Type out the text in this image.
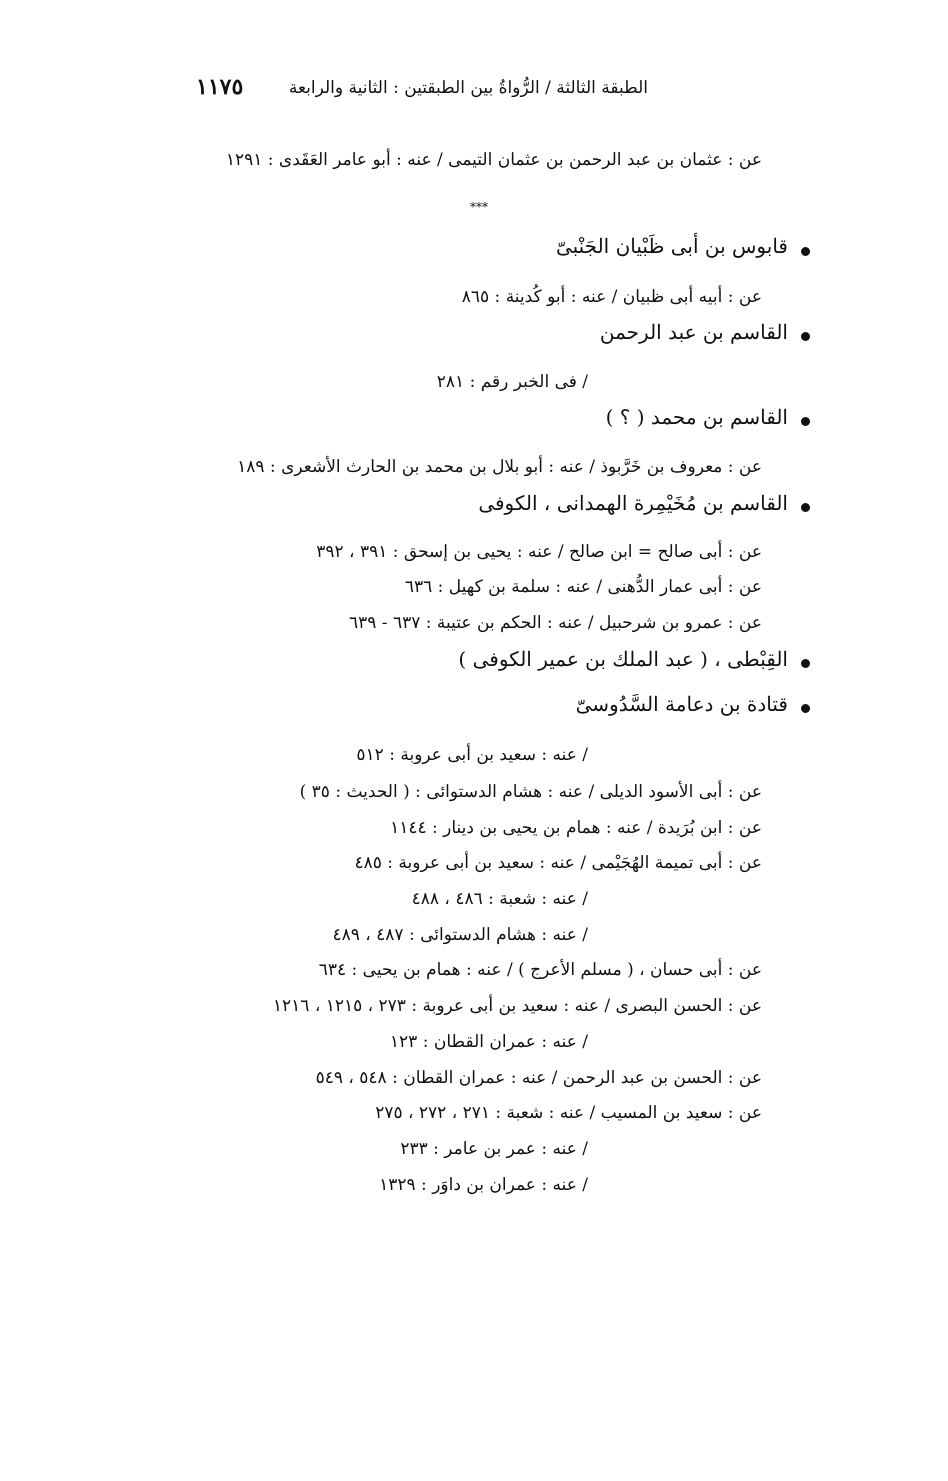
الطبقة الثالثة / الرُّواةُ بين الطبقتين : الثانية والرابعة
١١٧٥
عن : عثمان بن عبد الرحمن بن عثمان التيمى / عنه : أبو عامر العَقَدى : ١٢٩١
***
قابوس بن أبى ظَبْيان الجَنْبىّ
عن : أبيه أبى ظبيان / عنه : أبو كُدينة : ٨٦٥
القاسم بن عبد الرحمن
/ فى الخبر رقم : ٢٨١
القاسم بن محمد ( ؟ )
عن : معروف بن خَرَّبوذ / عنه : أبو بلال بن محمد بن الحارث الأشعرى : ١٨٩
القاسم بن مُخَيْمِرة الهمدانى ، الكوفى
عن : أبى صالح = ابن صالح / عنه : يحيى بن إسحق : ٣٩١ ، ٣٩٢
عن : أبى عمار الدُّهنى / عنه : سلمة بن كهيل : ٦٣٦
عن : عمرو بن شرحبيل / عنه : الحكم بن عتيبة : ٦٣٧ - ٦٣٩
القِبْطى ، ( عبد الملك بن عمير الكوفى )
قتادة بن دعامة السَّدُوسىّ
/ عنه : سعيد بن أبى عروبة : ٥١٢
عن : أبى الأسود الديلى / عنه : هشام الدستوائى : ( الحديث : ٣٥ )
عن : ابن بُرَيدة / عنه : همام بن يحيى بن دينار : ١١٤٤
عن : أبى تميمة الهُجَيْمى / عنه : سعيد بن أبى عروبة : ٤٨٥
/ عنه : شعبة : ٤٨٦ ، ٤٨٨
/ عنه : هشام الدستوائى : ٤٨٧ ، ٤٨٩
عن : أبى حسان ، ( مسلم الأعرج ) / عنه : همام بن يحيى : ٦٣٤
عن : الحسن البصرى / عنه : سعيد بن أبى عروبة : ٢٧٣ ، ١٢١٥ ، ١٢١٦
/ عنه : عمران القطان : ١٢٣
عن : الحسن بن عبد الرحمن / عنه : عمران القطان : ٥٤٨ ، ٥٤٩
عن : سعيد بن المسيب / عنه : شعبة : ٢٧١ ، ٢٧٢ ، ٢٧٥
/ عنه : عمر بن عامر : ٢٣٣
/ عنه : عمران بن داوَر : ١٣٢٩
